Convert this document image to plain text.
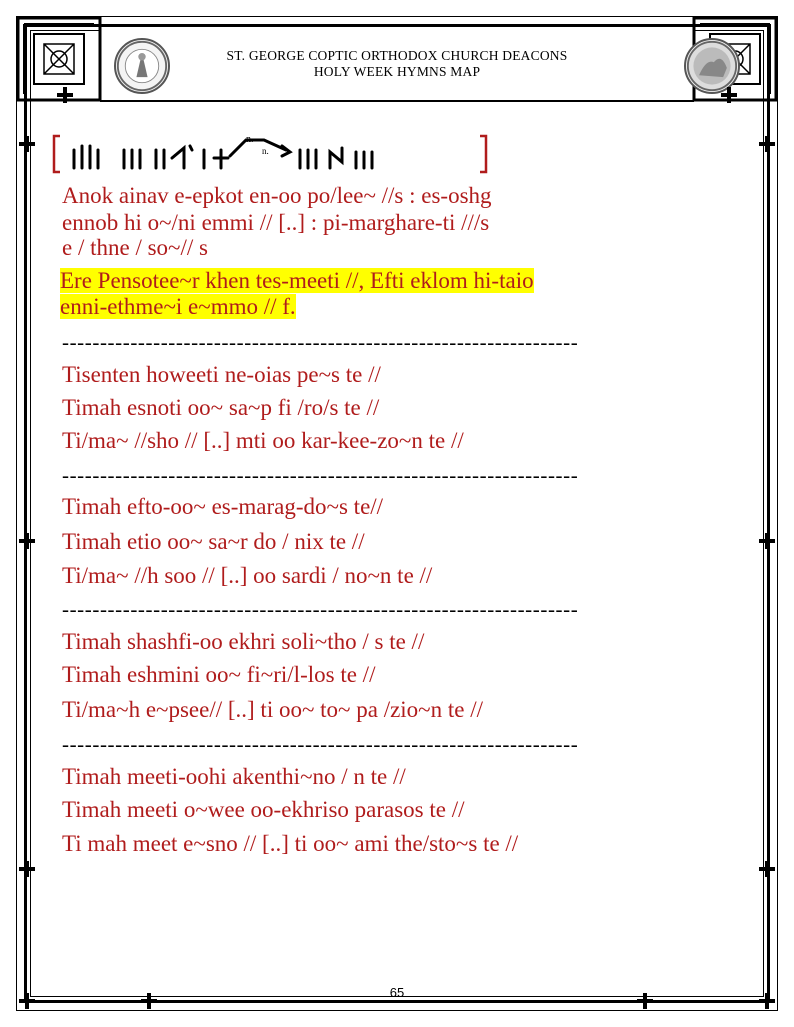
ST. GEORGE COPTIC ORTHODOX CHURCH DEACONS
HOLY WEEK HYMNS MAP
n.
n.
Anok ainav e-epkot en-oo po/lee~ //s : es-oshg
ennob hi o~/ni emmi // [..] : pi-marghare-ti ///s
e / thne / so~// s
Ere Pensotee~r khen tes-meeti //, Efti eklom hi-taio
enni-ethme~i e~mmo // f.
--------------------------------------------------------------------
Tisenten howeeti ne-oias pe~s te //
Timah esnoti oo~ sa~p fi /ro/s te //
Ti/ma~ //sho // [..] mti oo kar-kee-zo~n te //
--------------------------------------------------------------------
Timah efto-oo~ es-marag-do~s te//
Timah etio oo~ sa~r do / nix te //
Ti/ma~ //h soo // [..] oo sardi / no~n te //
--------------------------------------------------------------------
Timah shashfi-oo ekhri soli~tho / s te //
Timah eshmini oo~ fi~ri/l-los te //
Ti/ma~h e~psee// [..] ti oo~ to~ pa /zio~n te //
--------------------------------------------------------------------
Timah meeti-oohi akenthi~no / n te //
Timah meeti o~wee oo-ekhriso parasos te //
Ti mah meet e~sno // [..] ti oo~ ami the/sto~s te //
65
